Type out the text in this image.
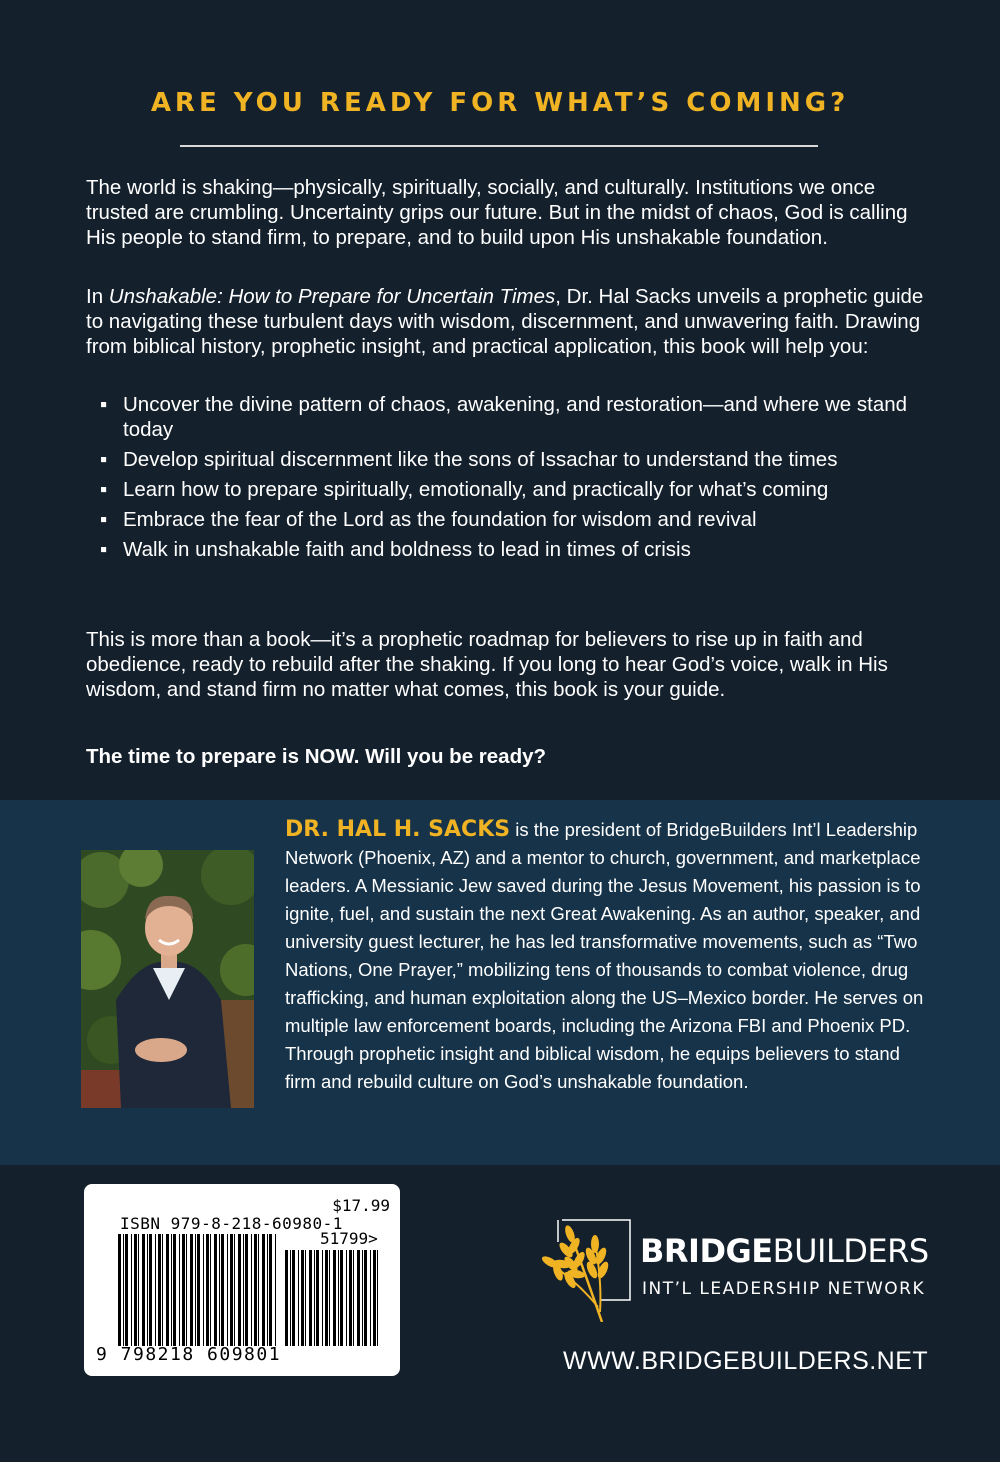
ARE YOU READY FOR WHAT’S COMING?

The world is shaking—physically, spiritually, socially, and culturally. Institutions we once trusted are crumbling. Uncertainty grips our future. But in the midst of chaos, God is calling His people to stand firm, to prepare, and to build upon His unshakable foundation.

In Unshakable: How to Prepare for Uncertain Times, Dr. Hal Sacks unveils a prophetic guide to navigating these turbulent days with wisdom, discernment, and unwavering faith. Drawing from biblical history, prophetic insight, and practical application, this book will help you:

▪ Uncover the divine pattern of chaos, awakening, and restoration—and where we stand today
▪ Develop spiritual discernment like the sons of Issachar to understand the times
▪ Learn how to prepare spiritually, emotionally, and practically for what’s coming
▪ Embrace the fear of the Lord as the foundation for wisdom and revival
▪ Walk in unshakable faith and boldness to lead in times of crisis

This is more than a book—it’s a prophetic roadmap for believers to rise up in faith and obedience, ready to rebuild after the shaking. If you long to hear God’s voice, walk in His wisdom, and stand firm no matter what comes, this book is your guide.

The time to prepare is NOW. Will you be ready?

DR. HAL H. SACKS is the president of BridgeBuilders Int’l Leadership Network (Phoenix, AZ) and a mentor to church, government, and marketplace leaders. A Messianic Jew saved during the Jesus Movement, his passion is to ignite, fuel, and sustain the next Great Awakening. As an author, speaker, and university guest lecturer, he has led transformative movements, such as “Two Nations, One Prayer,” mobilizing tens of thousands to combat violence, drug trafficking, and human exploitation along the US–Mexico border. He serves on multiple law enforcement boards, including the Arizona FBI and Phoenix PD. Through prophetic insight and biblical wisdom, he equips believers to stand firm and rebuild culture on God’s unshakable foundation.

$17.99
ISBN 979-8-218-60980-1
51799>
9 798218 609801
BRIDGEBUILDERS
INT’L LEADERSHIP NETWORK
WWW.BRIDGEBUILDERS.NET
